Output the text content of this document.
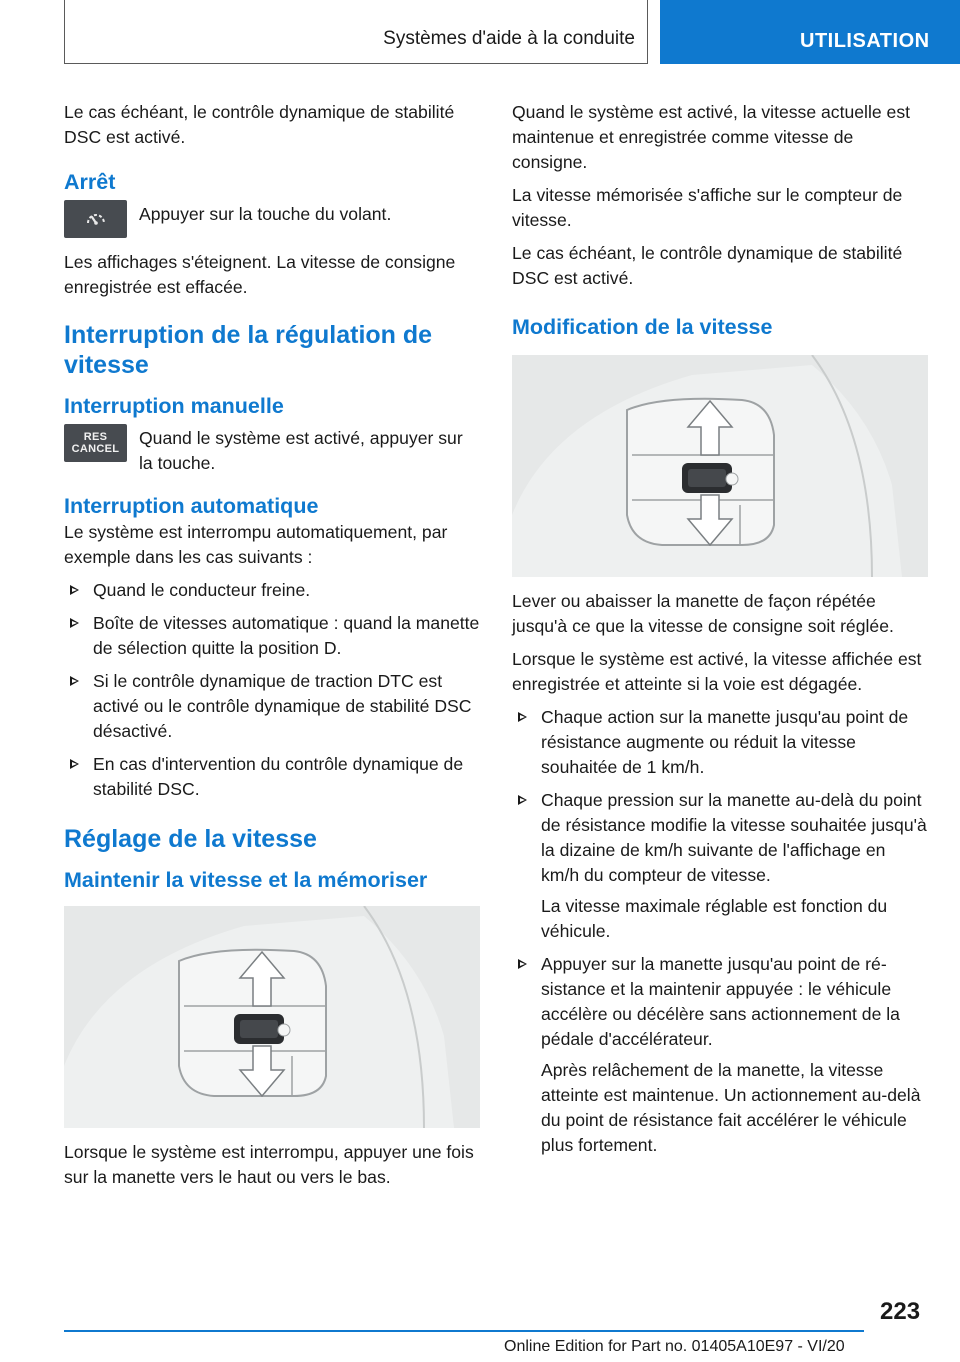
Systèmes d'aide à la conduite	UTILISATION

Le cas échéant, le contrôle dynamique de stabilité DSC est activé.

Arrêt
Appuyer sur la touche du volant.

Les affichages s'éteignent. La vitesse de consigne enregistrée est effacée.

Interruption de la régulation de vitesse
Interruption manuelle
RES
CANCEL
Quand le système est activé, appuyer sur la touche.
Interruption automatique

Le système est interrompu automatiquement, par exemple dans les cas suivants :

Quand le conducteur freine.
Boîte de vitesses automatique : quand la manette de sélection quitte la position D.
Si le contrôle dynamique de traction DTC est activé ou le contrôle dynamique de stabilité DSC désactivé.
En cas d'intervention du contrôle dynamique de stabilité DSC.
Réglage de la vitesse
Maintenir la vitesse et la mémoriser

Lorsque le système est interrompu, appuyer une fois sur la manette vers le haut ou vers le bas.

Quand le système est activé, la vitesse actuelle est maintenue et enregistrée comme vitesse de consigne.

La vitesse mémorisée s'affiche sur le compteur de vitesse.

Le cas échéant, le contrôle dynamique de stabilité DSC est activé.

Modification de la vitesse

Lever ou abaisser la manette de façon répétée jusqu'à ce que la vitesse de consigne soit réglée.

Lorsque le système est activé, la vitesse affichée est enregistrée et atteinte si la voie est dégagée.

Chaque action sur la manette jusqu'au point de résistance augmente ou réduit la vitesse souhaitée de 1 km/h.
Chaque pression sur la manette au-delà du point de résistance modifie la vitesse souhaitée jusqu'à la dizaine de km/h suivante de l'affichage en km/h du compteur de vitesse.
La vitesse maximale réglable est fonction du véhicule.
Appuyer sur la manette jusqu'au point de résistance et la maintenir appuyée : le véhicule accélère ou décélère sans actionnement de la pédale d'accélérateur.
Après relâchement de la manette, la vitesse atteinte est maintenue. Un actionnement au-delà du point de résistance fait accélérer le véhicule plus fortement.
223
Online Edition for Part no. 01405A10E97 - VI/20
